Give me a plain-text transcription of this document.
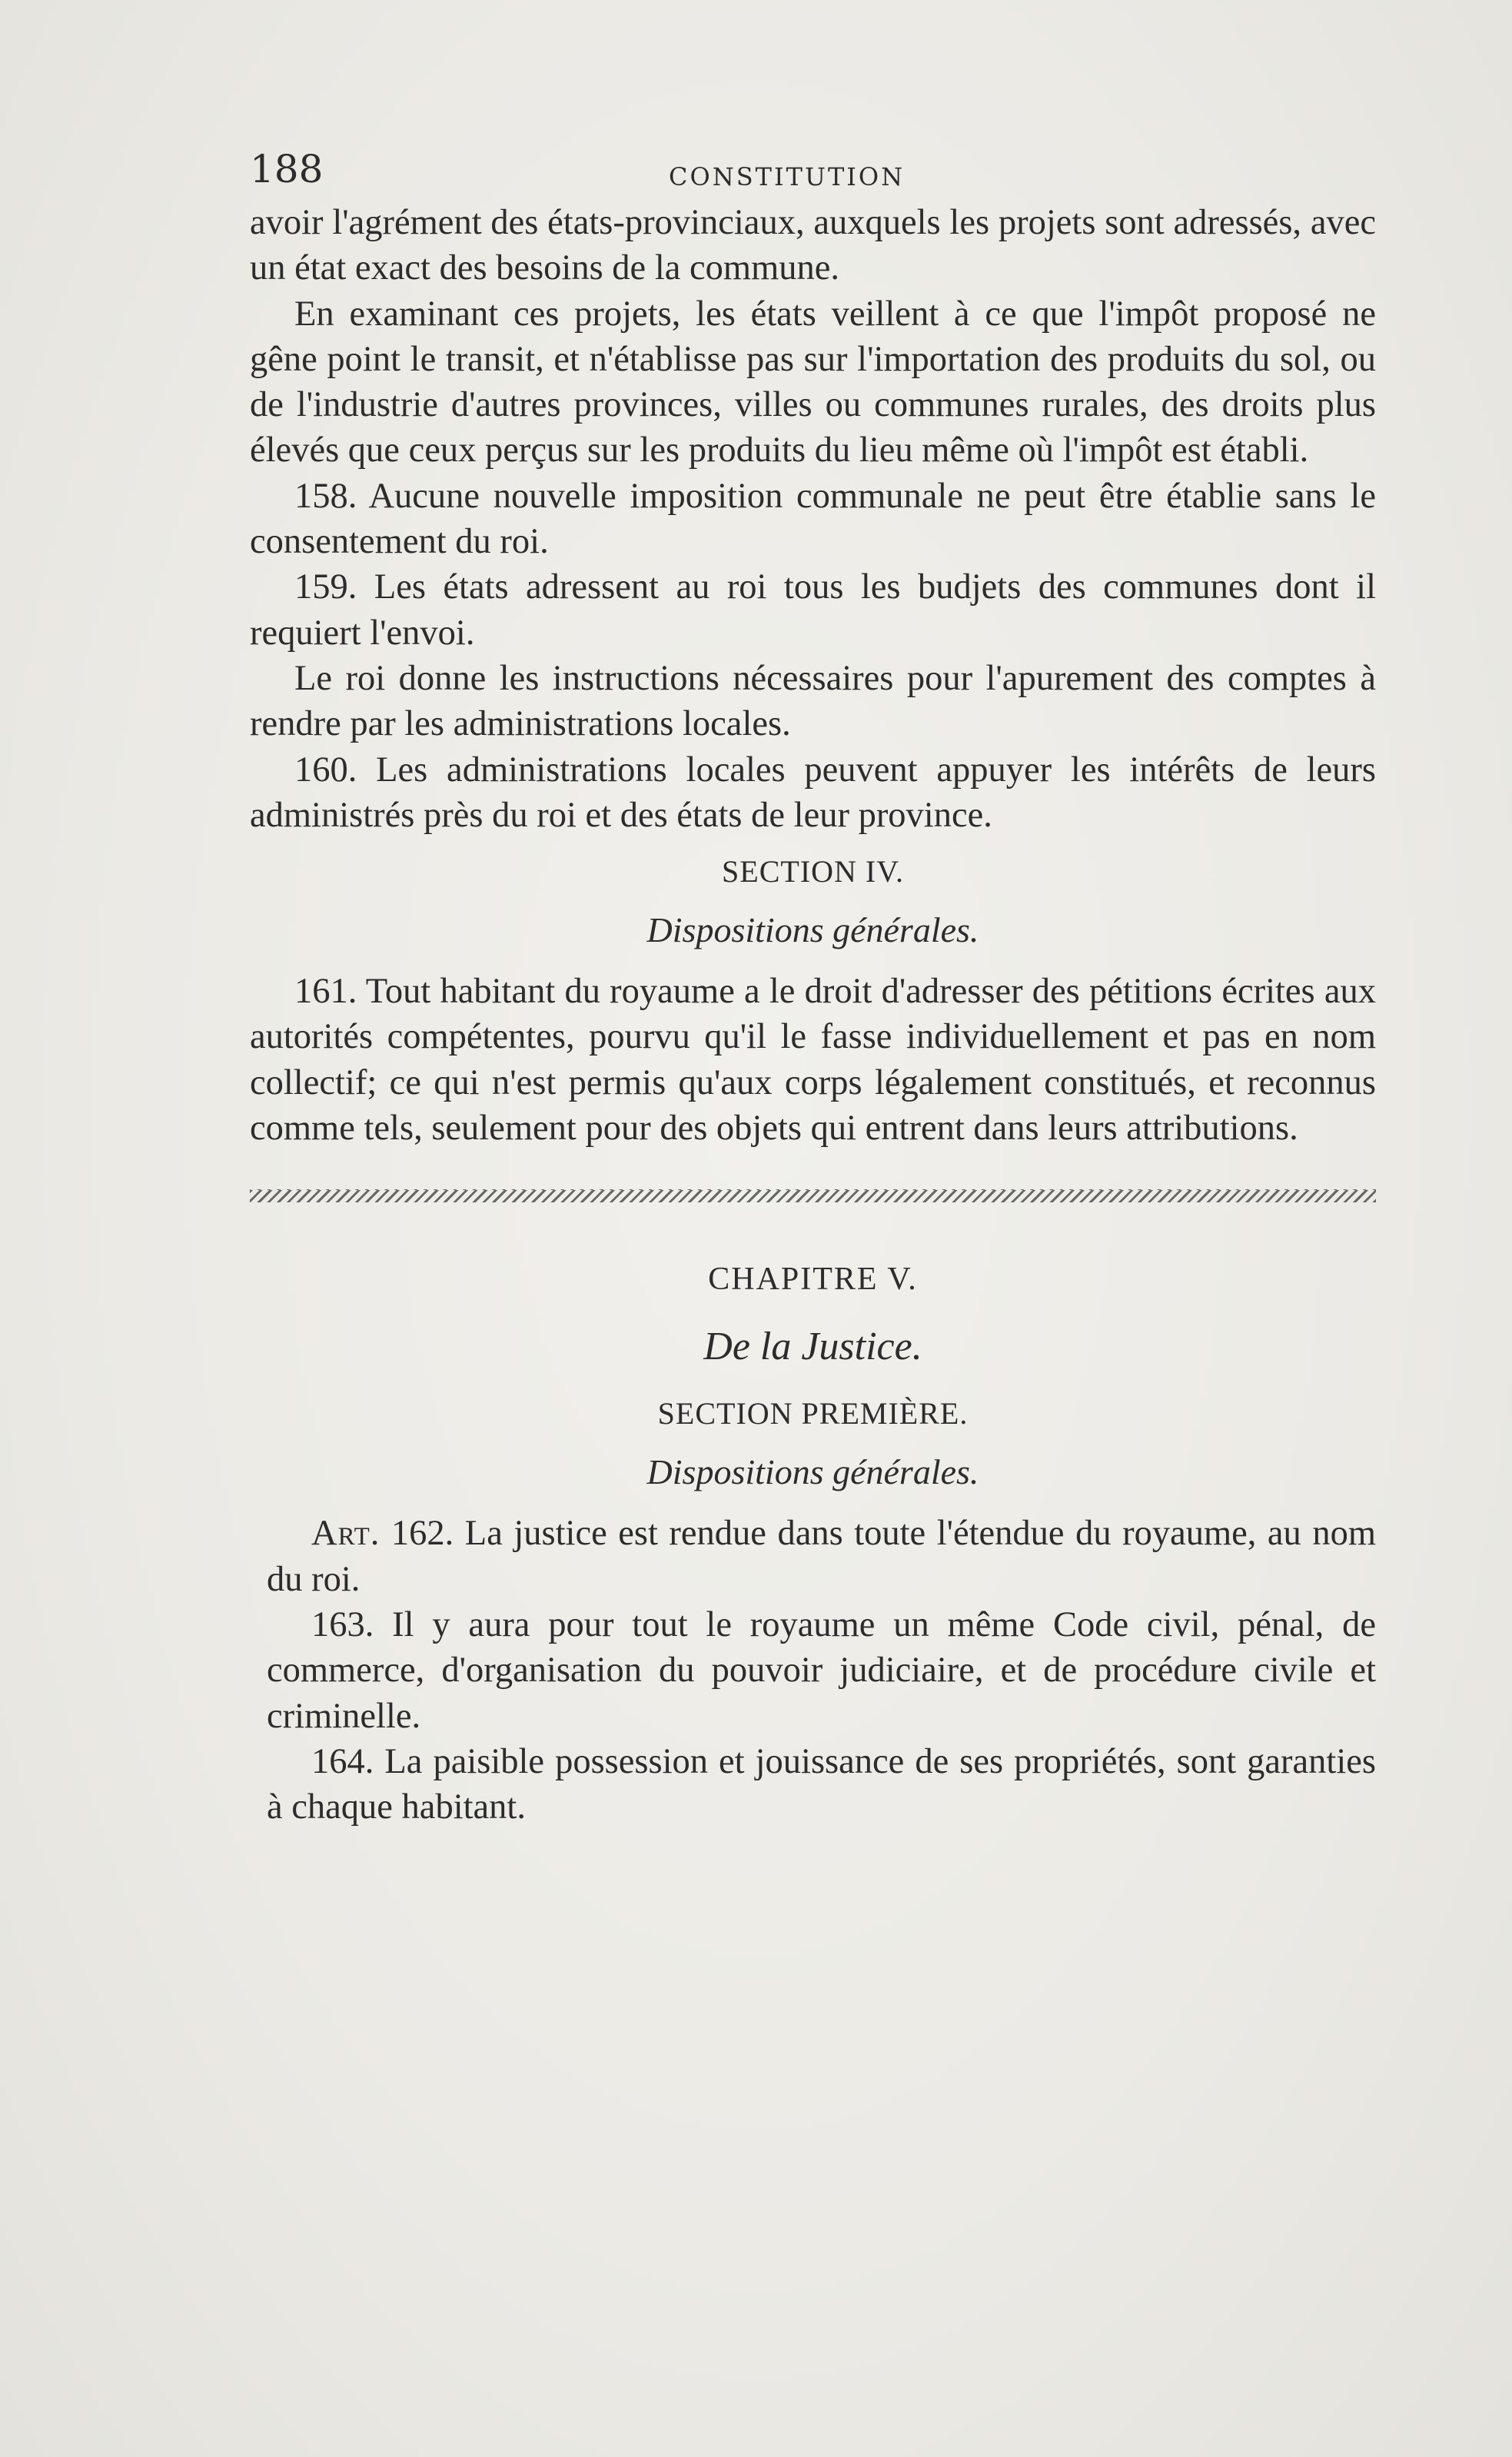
188	CONSTITUTION

avoir l'agrément des états-provinciaux, auxquels les projets sont adressés, avec un état exact des besoins de la commune.

En examinant ces projets, les états veillent à ce que l'impôt proposé ne gêne point le transit, et n'établisse pas sur l'importation des produits du sol, ou de l'industrie d'autres provinces, villes ou communes rurales, des droits plus élevés que ceux perçus sur les produits du lieu même où l'impôt est établi.

158. Aucune nouvelle imposition communale ne peut être établie sans le consentement du roi.

159. Les états adressent au roi tous les budjets des communes dont il requiert l'envoi.

Le roi donne les instructions nécessaires pour l'apurement des comptes à rendre par les administrations locales.

160. Les administrations locales peuvent appuyer les intérêts de leurs administrés près du roi et des états de leur province.

SECTION IV.
Dispositions générales.

161. Tout habitant du royaume a le droit d'adresser des pétitions écrites aux autorités compétentes, pourvu qu'il le fasse individuellement et pas en nom collectif; ce qui n'est permis qu'aux corps légalement constitués, et reconnus comme tels, seulement pour des objets qui entrent dans leurs attributions.

CHAPITRE V.
De la Justice.
SECTION PREMIÈRE.
Dispositions générales.

Art. 162. La justice est rendue dans toute l'étendue du royaume, au nom du roi.

163. Il y aura pour tout le royaume un même Code civil, pénal, de commerce, d'organisation du pouvoir judiciaire, et de procédure civile et criminelle.

164. La paisible possession et jouissance de ses propriétés, sont garanties à chaque habitant.
